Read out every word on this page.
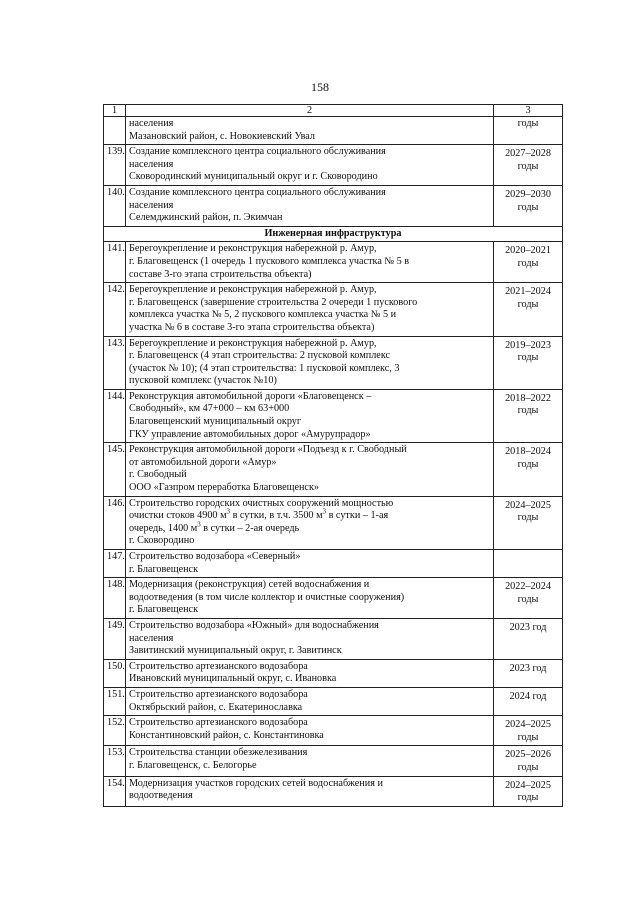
158
1	2	3

	населения
Мазановский район, с. Новокиевский Увал	годы

139.	Создание комплексного центра социального обслуживания
населения
Сковородинский муниципальный округ и г. Сковородино	2027–2028
годы

140.	Создание комплексного центра социального обслуживания
населения
Селемджинский район, п. Экимчан	2029–2030
годы

Инженерная инфраструктура		
141.	Берегоукрепление и реконструкция набережной р. Амур,
г. Благовещенск (1 очередь 1 пускового комплекса участка № 5 в
составе 3-го этапа строительства объекта)	2020–2021
годы

142.	Берегоукрепление и реконструкция набережной р. Амур,
г. Благовещенск (завершение строительства 2 очереди 1 пускового
комплекса участка № 5, 2 пускового комплекса участка № 5 и
участка № 6 в составе 3-го этапа строительства объекта)	2021–2024
годы

143.	Берегоукрепление и реконструкция набережной р. Амур,
г. Благовещенск (4 этап строительства: 2 пусковой комплекс
(участок № 10); (4 этап строительства: 1 пусковой комплекс, 3
пусковой комплекс (участок №10)	2019–2023
годы

144.	Реконструкция автомобильной дороги «Благовещенск –
Свободный», км 47+000 – км 63+000
Благовещенский муниципальный округ
ГКУ управление автомобильных дорог «Амурупрадор»	2018–2022
годы

145.	Реконструкция автомобильной дороги «Подъезд к г. Свободный
от автомобильной дороги «Амур»
г. Свободный
ООО «Газпром переработка Благовещенск»	2018–2024
годы

146.	Строительство городских очистных сооружений мощностью
очистки стоков 4900 $м^3$ в сутки, в т.ч. 3500 $м^3$ в сутки – 1-ая
очередь, 1400 $м^3$ в сутки – 2-ая очередь
г. Сковородино	2024–2025
годы

147.	Строительство водозабора «Северный»
г. Благовещенск	

148.	Модернизация (реконструкция) сетей водоснабжения и
водоотведения (в том числе коллектор и очистные сооружения)
г. Благовещенск	2022–2024
годы

149.	Строительство водозабора «Южный» для водоснабжения
населения
Завитинский муниципальный округ, г. Завитинск	2023 год

150.	Строительство артезианского водозабора
Ивановский муниципальный округ, с. Ивановка	2023 год

151.	Строительство артезианского водозабора
Октябрьский район, с. Екатеринославка	2024 год

152.	Строительство артезианского водозабора
Константиновский район, с. Константиновка	2024–2025
годы

153.	Строительства станции обезжелезивания
г. Благовещенск, с. Белогорье	2025–2026
годы

154.	Модернизация участков городских сетей водоснабжения и
водоотведения	2024–2025
годы
